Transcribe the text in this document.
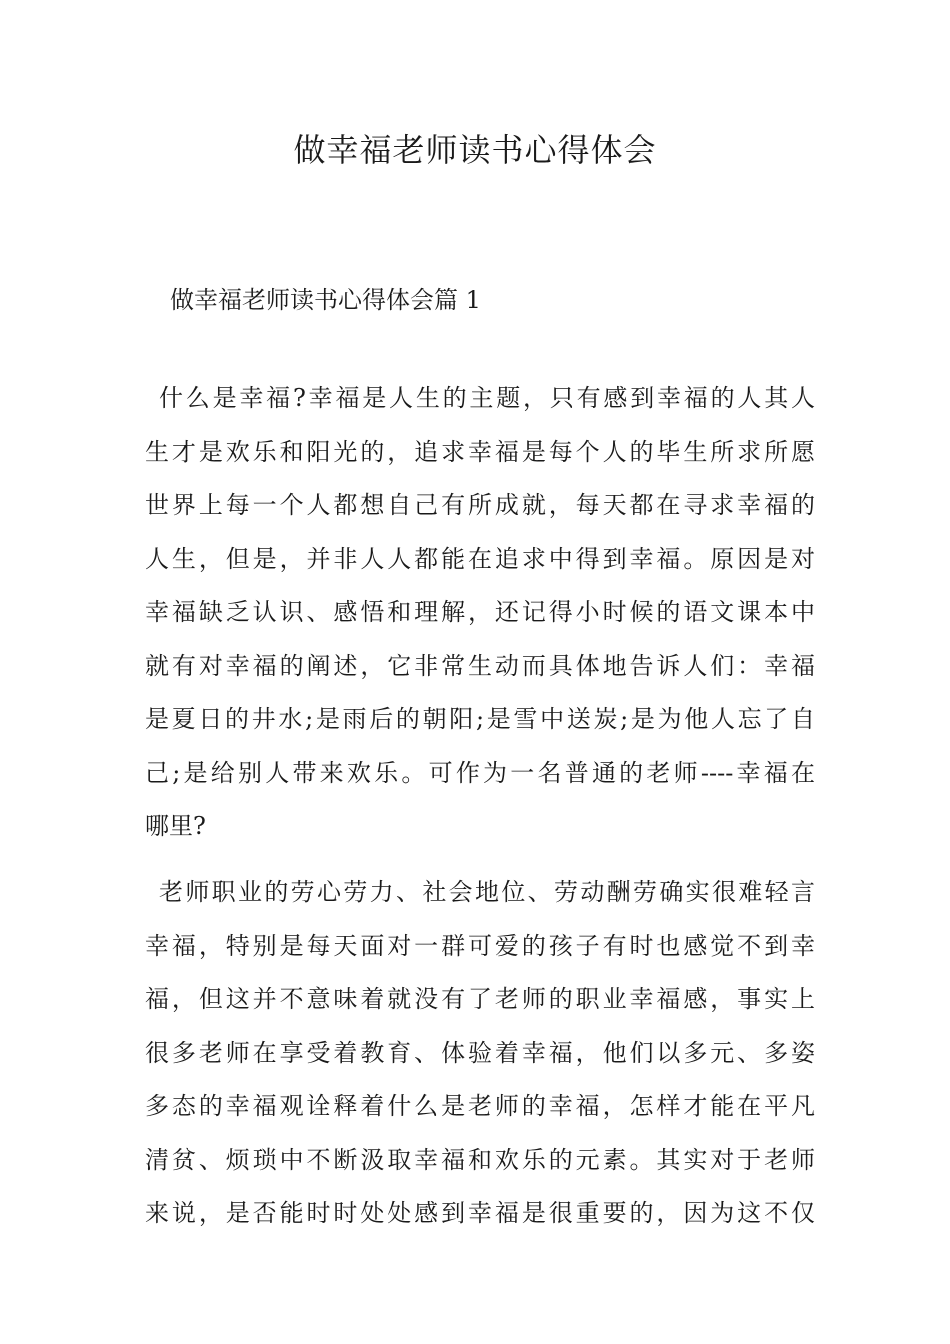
做幸福老师读书心得体会

做幸福老师读书心得体会篇 1

什么是幸福?幸福是人生的主题，只有感到幸福的人其人
生才是欢乐和阳光的，追求幸福是每个人的毕生所求所愿
世界上每一个人都想自己有所成就，每天都在寻求幸福的
人生，但是，并非人人都能在追求中得到幸福。原因是对
幸福缺乏认识、感悟和理解，还记得小时候的语文课本中
就有对幸福的阐述，它非常生动而具体地告诉人们：幸福
是夏日的井水;是雨后的朝阳;是雪中送炭;是为他人忘了自
己;是给别人带来欢乐。可作为一名普通的老师----幸福在
哪里?
老师职业的劳心劳力、社会地位、劳动酬劳确实很难轻言
幸福，特别是每天面对一群可爱的孩子有时也感觉不到幸
福，但这并不意味着就没有了老师的职业幸福感，事实上
很多老师在享受着教育、体验着幸福，他们以多元、多姿
多态的幸福观诠释着什么是老师的幸福，怎样才能在平凡
清贫、烦琐中不断汲取幸福和欢乐的元素。其实对于老师
来说，是否能时时处处感到幸福是很重要的，因为这不仅
